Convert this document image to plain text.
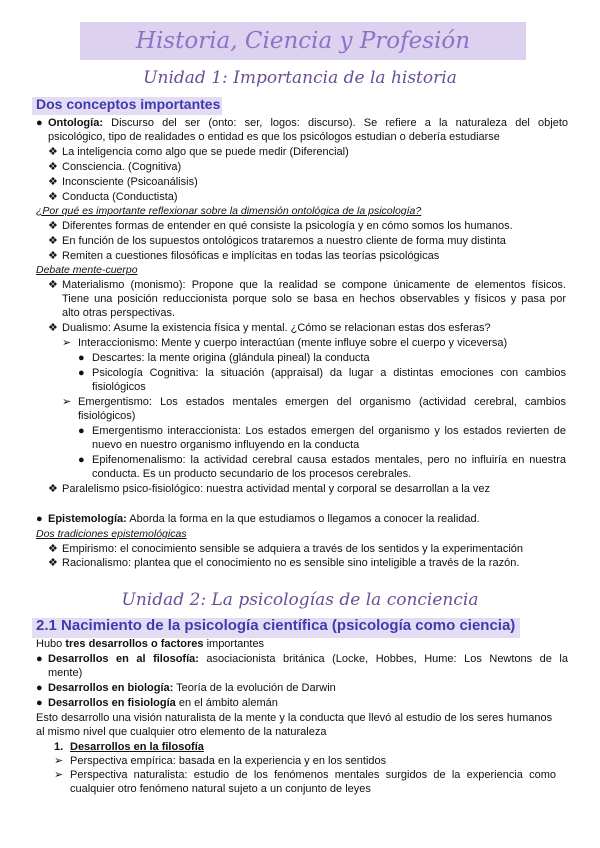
Historia, Ciencia y Profesión
Unidad 1: Importancia de la historia
Dos conceptos importantes
● Ontología: Discurso del ser (onto: ser, logos: discurso). Se refiere a la naturaleza del objeto
psicológico, tipo de realidades o entidad es que los psicólogos estudian o debería estudiarse
❖ La inteligencia como algo que se puede medir (Diferencial)
❖ Consciencia. (Cognitiva)
❖ Inconsciente (Psicoanálisis)
❖ Conducta (Conductista)
¿Por qué es importante reflexionar sobre la dimensión ontológica de la psicología?
❖ Diferentes formas de entender en qué consiste la psicología y en cómo somos los humanos.
❖ En función de los supuestos ontológicos trataremos a nuestro cliente de forma muy distinta
❖ Remiten a cuestiones filosóficas e implícitas en todas las teorías psicológicas
Debate mente-cuerpo
❖ Materialismo (monismo): Propone que la realidad se compone únicamente de elementos físicos.
Tiene una posición reduccionista porque solo se basa en hechos observables y físicos y pasa por
alto otras perspectivas.
❖ Dualismo: Asume la existencia física y mental. ¿Cómo se relacionan estas dos esferas?
➢ Interaccionismo: Mente y cuerpo interactúan (mente influye sobre el cuerpo y viceversa)
● Descartes: la mente origina (glándula pineal) la conducta
● Psicología Cognitiva: la situación (appraisal) da lugar a distintas emociones con cambios
fisiológicos
➢ Emergentismo: Los estados mentales emergen del organismo (actividad cerebral, cambios
fisiológicos)
● Emergentismo interaccionista: Los estados emergen del organismo y los estados revierten de
nuevo en nuestro organismo influyendo en la conducta
● Epifenomenalismo: la actividad cerebral causa estados mentales, pero no influiría en nuestra
conducta. Es un producto secundario de los procesos cerebrales.
❖ Paralelismo psico-fisiológico: nuestra actividad mental y corporal se desarrollan a la vez
● Epistemología: Aborda la forma en la que estudiamos o llegamos a conocer la realidad.
Dos tradiciones epistemológicas
❖ Empirismo: el conocimiento sensible se adquiera a través de los sentidos y la experimentación
❖ Racionalismo: plantea que el conocimiento no es sensible sino inteligible a través de la razón.
Unidad 2: La psicologías de la conciencia
2.1 Nacimiento de la psicología científica (psicología como ciencia)
Hubo tres desarrollos o factores importantes
● Desarrollos en al filosofía: asociacionista británica (Locke, Hobbes, Hume: Los Newtons de la
mente)
● Desarrollos en biología: Teoría de la evolución de Darwin
● Desarrollos en fisiología en el ámbito alemán
Esto desarrollo una visión naturalista de la mente y la conducta que llevó al estudio de los seres humanos
al mismo nivel que cualquier otro elemento de la naturaleza
1. Desarrollos en la filosofía
➢ Perspectiva empírica: basada en la experiencia y en los sentidos
➢ Perspectiva naturalista: estudio de los fenómenos mentales surgidos de la experiencia como
cualquier otro fenómeno natural sujeto a un conjunto de leyes
